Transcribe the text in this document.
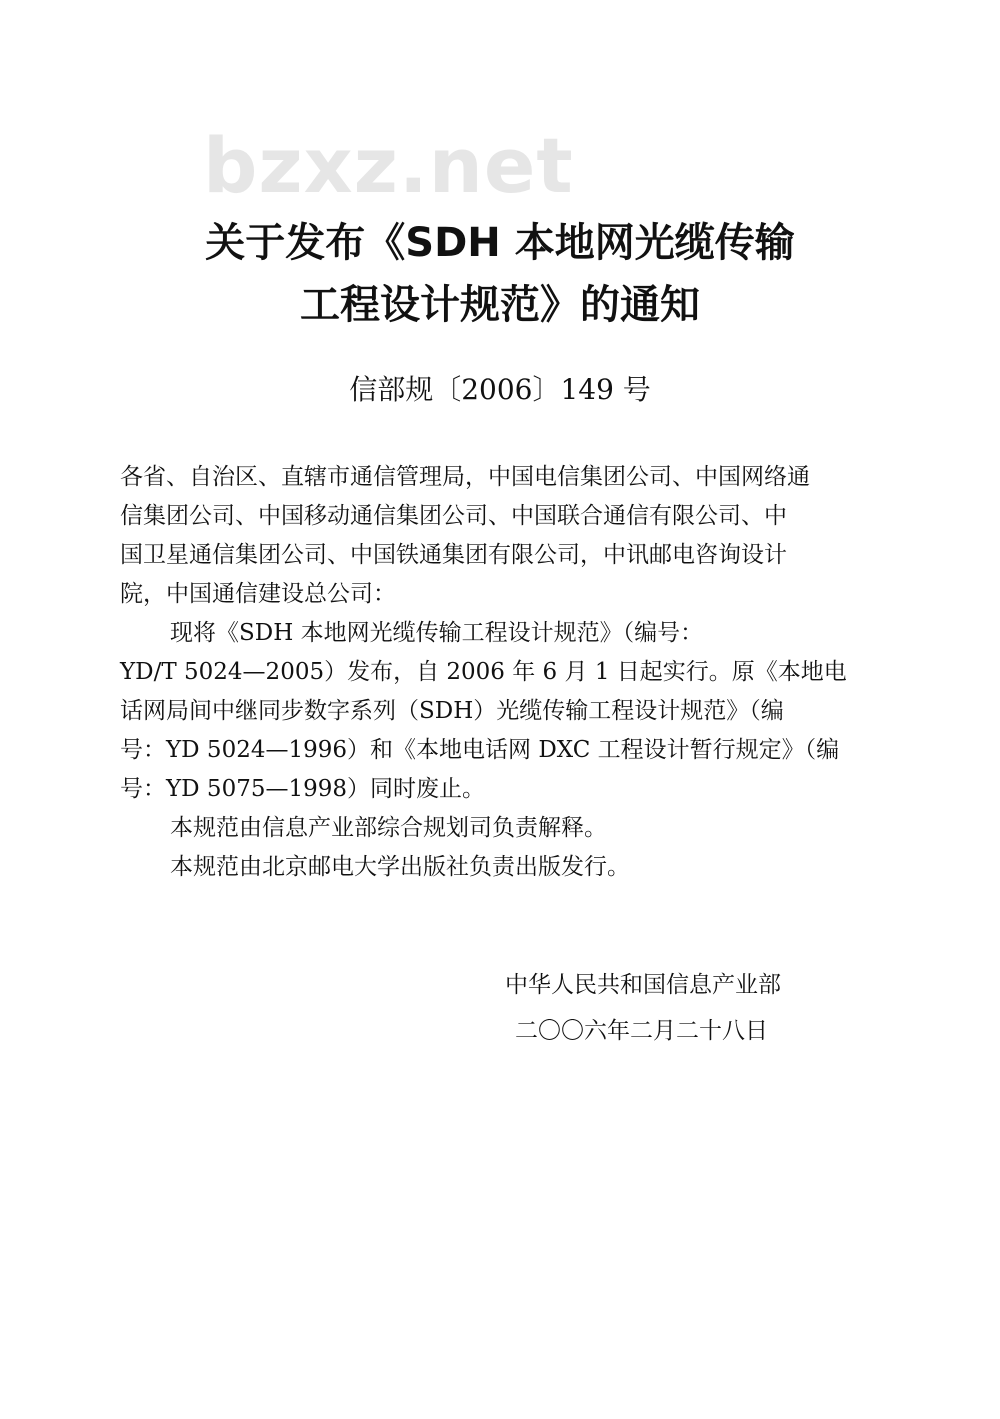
bzxz.net
关于发布《SDH 本地网光缆传输
工程设计规范》的通知
信部规〔2006〕149 号
各省、自治区、直辖市通信管理局，中国电信集团公司、中国网络通
信集团公司、中国移动通信集团公司、中国联合通信有限公司、中
国卫星通信集团公司、中国铁通集团有限公司，中讯邮电咨询设计
院，中国通信建设总公司：
现将《SDH 本地网光缆传输工程设计规范》（编号：
YD/T 5024—2005）发布，自 2006 年 6 月 1 日起实行。原《本地电
话网局间中继同步数字系列（SDH）光缆传输工程设计规范》（编
号：YD 5024—1996）和《本地电话网 DXC 工程设计暂行规定》（编
号：YD 5075—1998）同时废止。
本规范由信息产业部综合规划司负责解释。
本规范由北京邮电大学出版社负责出版发行。
中华人民共和国信息产业部
二〇〇六年二月二十八日
